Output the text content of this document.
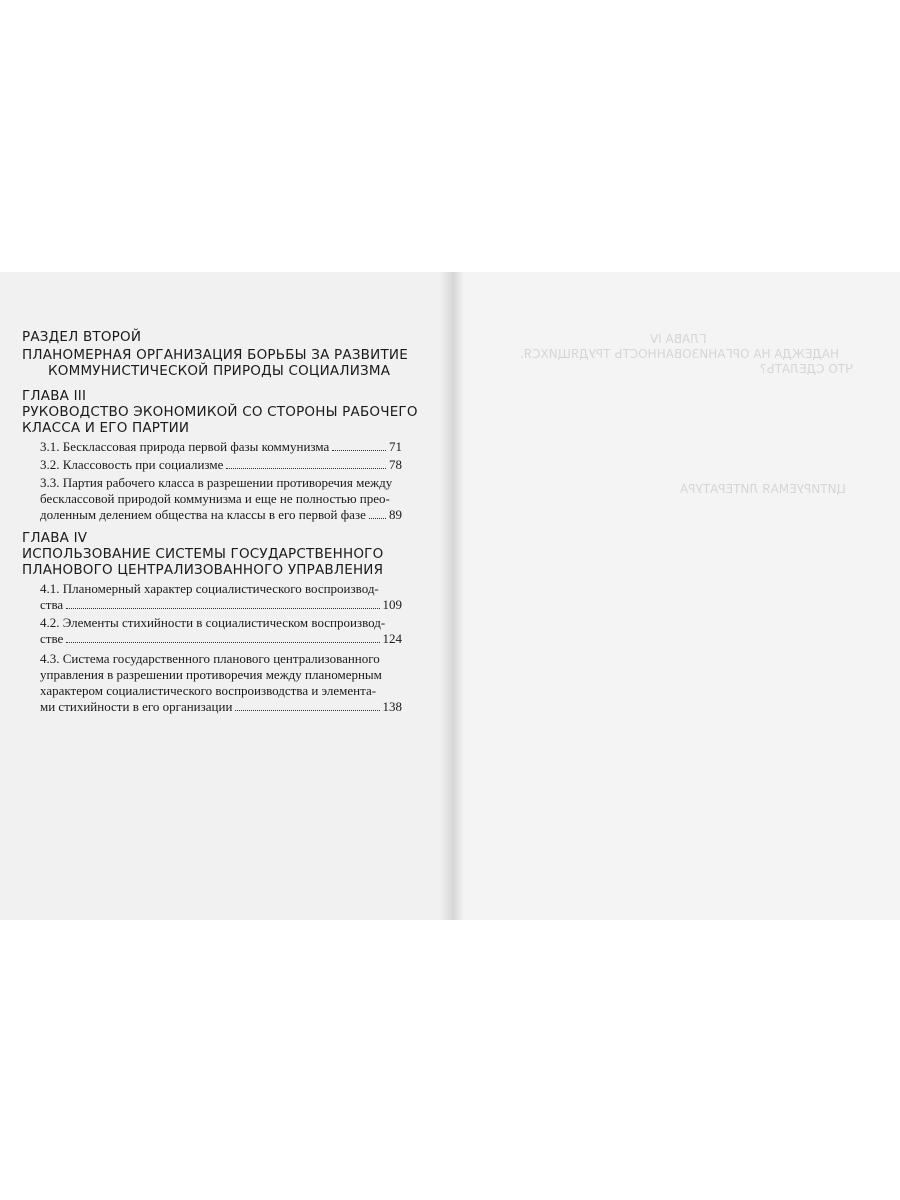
ГЛАВА IV
НАДЕЖДА НА ОРГАНИЗОВАННОСТЬ ТРУДЯЩИХСЯ.
ЧТО СДЕЛАТЬ?
ЦИТИРУЕМАЯ ЛИТЕРАТУРА
РАЗДЕЛ ВТОРОЙ
ПЛАНОМЕРНАЯ ОРГАНИЗАЦИЯ БОРЬБЫ ЗА РАЗВИТИЕ
КОММУНИСТИЧЕСКОЙ ПРИРОДЫ СОЦИАЛИЗМА
ГЛАВА III
РУКОВОДСТВО ЭКОНОМИКОЙ СО СТОРОНЫ РАБОЧЕГО
КЛАССА И ЕГО ПАРТИИ
3.1. Бесклассовая природа первой фазы коммунизма	71
3.2. Классовость при социализме	78
3.3. Партия рабочего класса в разрешении противоречия между
бесклассовой природой коммунизма и еще не полностью прео-
доленным делением общества на классы в его первой фазе 89
ГЛАВА IV
ИСПОЛЬЗОВАНИЕ СИСТЕМЫ ГОСУДАРСТВЕННОГО
ПЛАНОВОГО ЦЕНТРАЛИЗОВАННОГО УПРАВЛЕНИЯ
4.1. Планомерный характер социалистического воспроизвод-
ства	109
4.2. Элементы стихийности в социалистическом воспроизвод-
стве	124
4.3. Система государственного планового централизованного
управления в разрешении противоречия между планомерным
характером социалистического воспроизводства и элемента-
ми стихийности в его организации	138
